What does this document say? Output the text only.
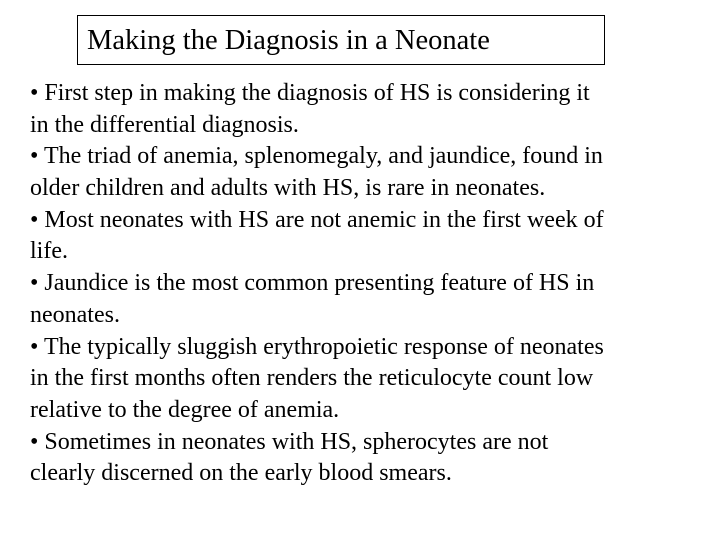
Making the Diagnosis in a Neonate
• First step in making the diagnosis of HS is considering it
in the differential diagnosis.
• The triad of anemia, splenomegaly, and jaundice, found in
older children and adults with HS, is rare in neonates.
• Most neonates with HS are not anemic in the first week of
life.
• Jaundice is the most common presenting feature of HS in
neonates.
• The typically sluggish erythropoietic response of neonates
in the first months often renders the reticulocyte count low
relative to the degree of anemia.
• Sometimes in neonates with HS, spherocytes are not
clearly discerned on the early blood smears.
